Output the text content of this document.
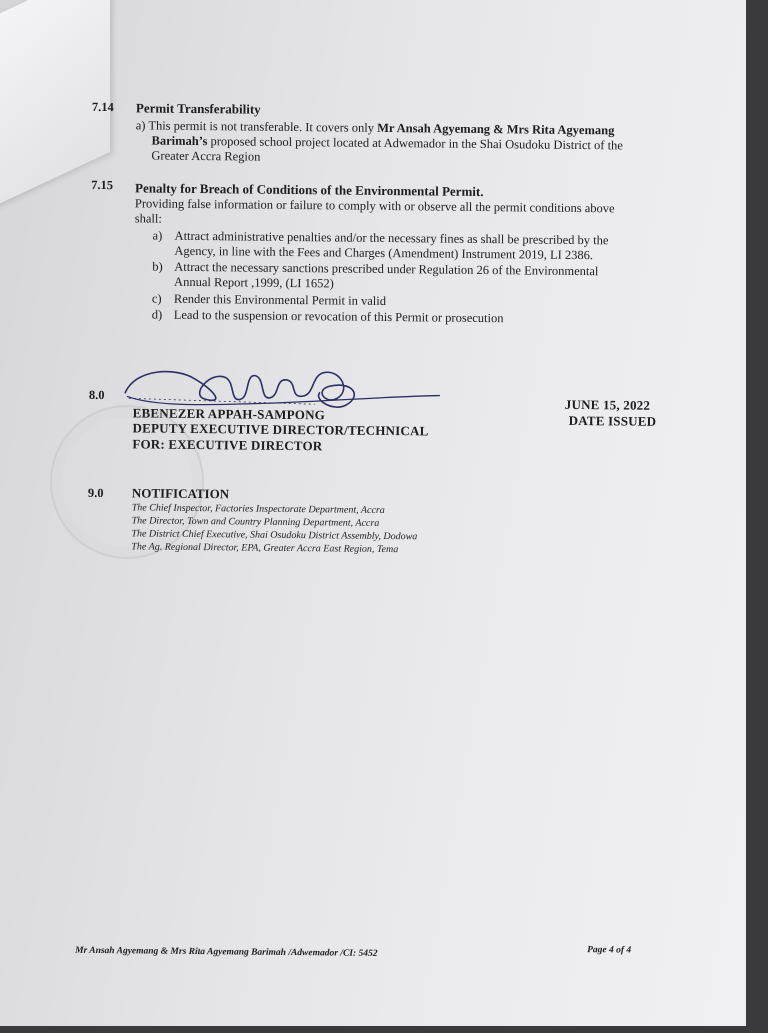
7.14 Permit Transferability
a) This permit is not transferable. It covers only Mr Ansah Agyemang & Mrs Rita Agyemang
Barimah’s proposed school project located at Adwemador in the Shai Osudoku District of the
Greater Accra Region
7.15 Penalty for Breach of Conditions of the Environmental Permit.
Providing false information or failure to comply with or observe all the permit conditions above
shall:
a) Attract administrative penalties and/or the necessary fines as shall be prescribed by the
Agency, in line with the Fees and Charges (Amendment) Instrument 2019, LI 2386.
b) Attract the necessary sanctions prescribed under Regulation 26 of the Environmental
Annual Report ,1999, (LI 1652)
c) Render this Environmental Permit in valid
d) Lead to the suspension or revocation of this Permit or prosecution
8.0
EBENEZER APPAH-SAMPONG
DEPUTY EXECUTIVE DIRECTOR/TECHNICAL
FOR: EXECUTIVE DIRECTOR
JUNE 15, 2022
DATE ISSUED
9.0 NOTIFICATION
The Chief Inspector, Factories Inspectorate Department, Accra
The Director, Town and Country Planning Department, Accra
The District Chief Executive, Shai Osudoku District Assembly, Dodowa
The Ag. Regional Director, EPA, Greater Accra East Region, Tema
Mr Ansah Agyemang & Mrs Rita Agyemang Barimah /Adwemador /CI: 5452	Page 4 of 4
